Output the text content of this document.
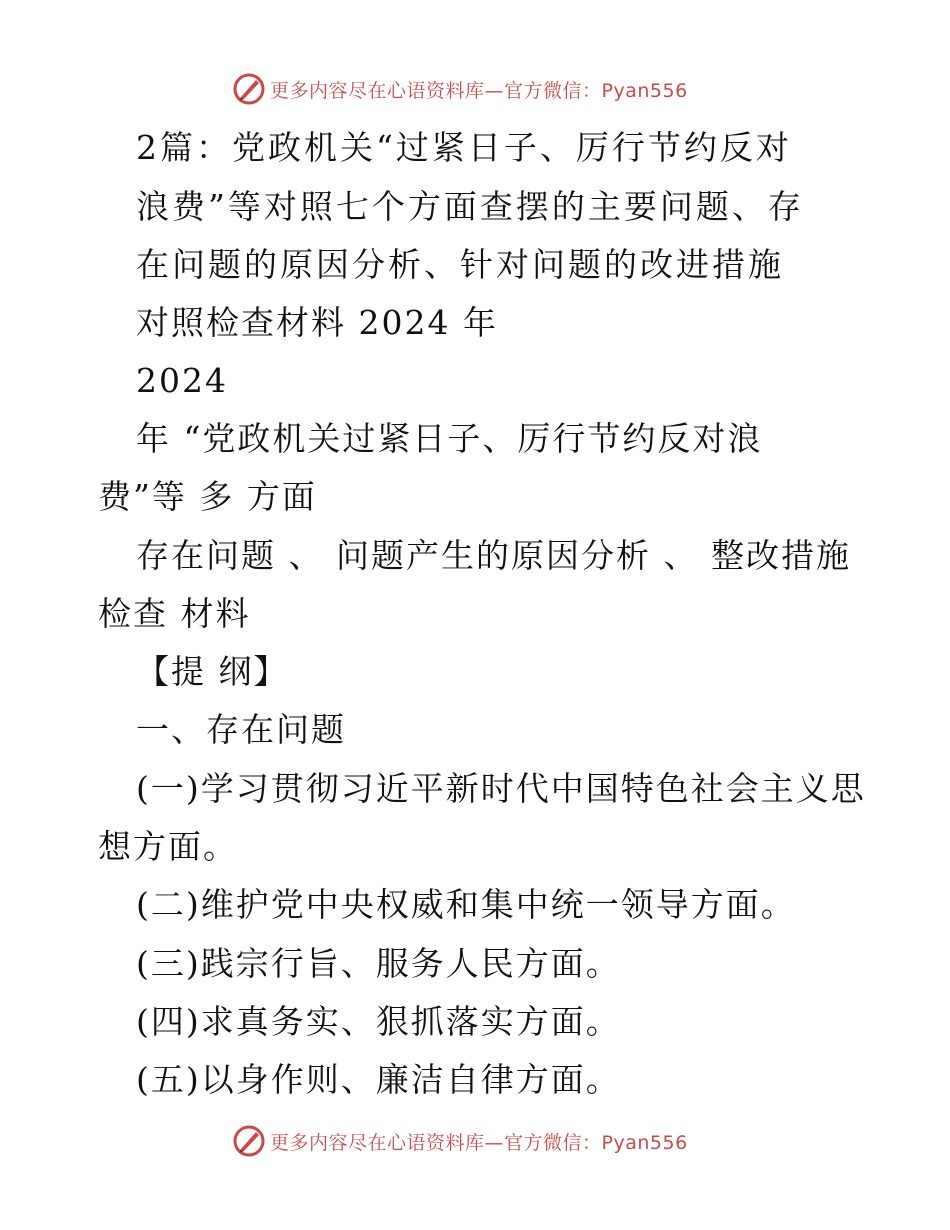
更多内容尽在心语资料库—官方微信：Pyan556
2篇：党政机关“过紧日子、厉行节约反对
浪费”等对照七个方面查摆的主要问题、存
在问题的原因分析、针对问题的改进措施
对照检查材料 2024 年
2024
年 “党政机关过紧日子、厉行节约反对浪
费”等 多 方面
存在问题 、 问题产生的原因分析 、 整改措施
检查 材料
【提 纲】
一、存在问题
(一)学习贯彻习近平新时代中国特色社会主义思
想方面。
(二)维护党中央权威和集中统一领导方面。
(三)践宗行旨、服务人民方面。
(四)求真务实、狠抓落实方面。
(五)以身作则、廉洁自律方面。
更多内容尽在心语资料库—官方微信：Pyan556
